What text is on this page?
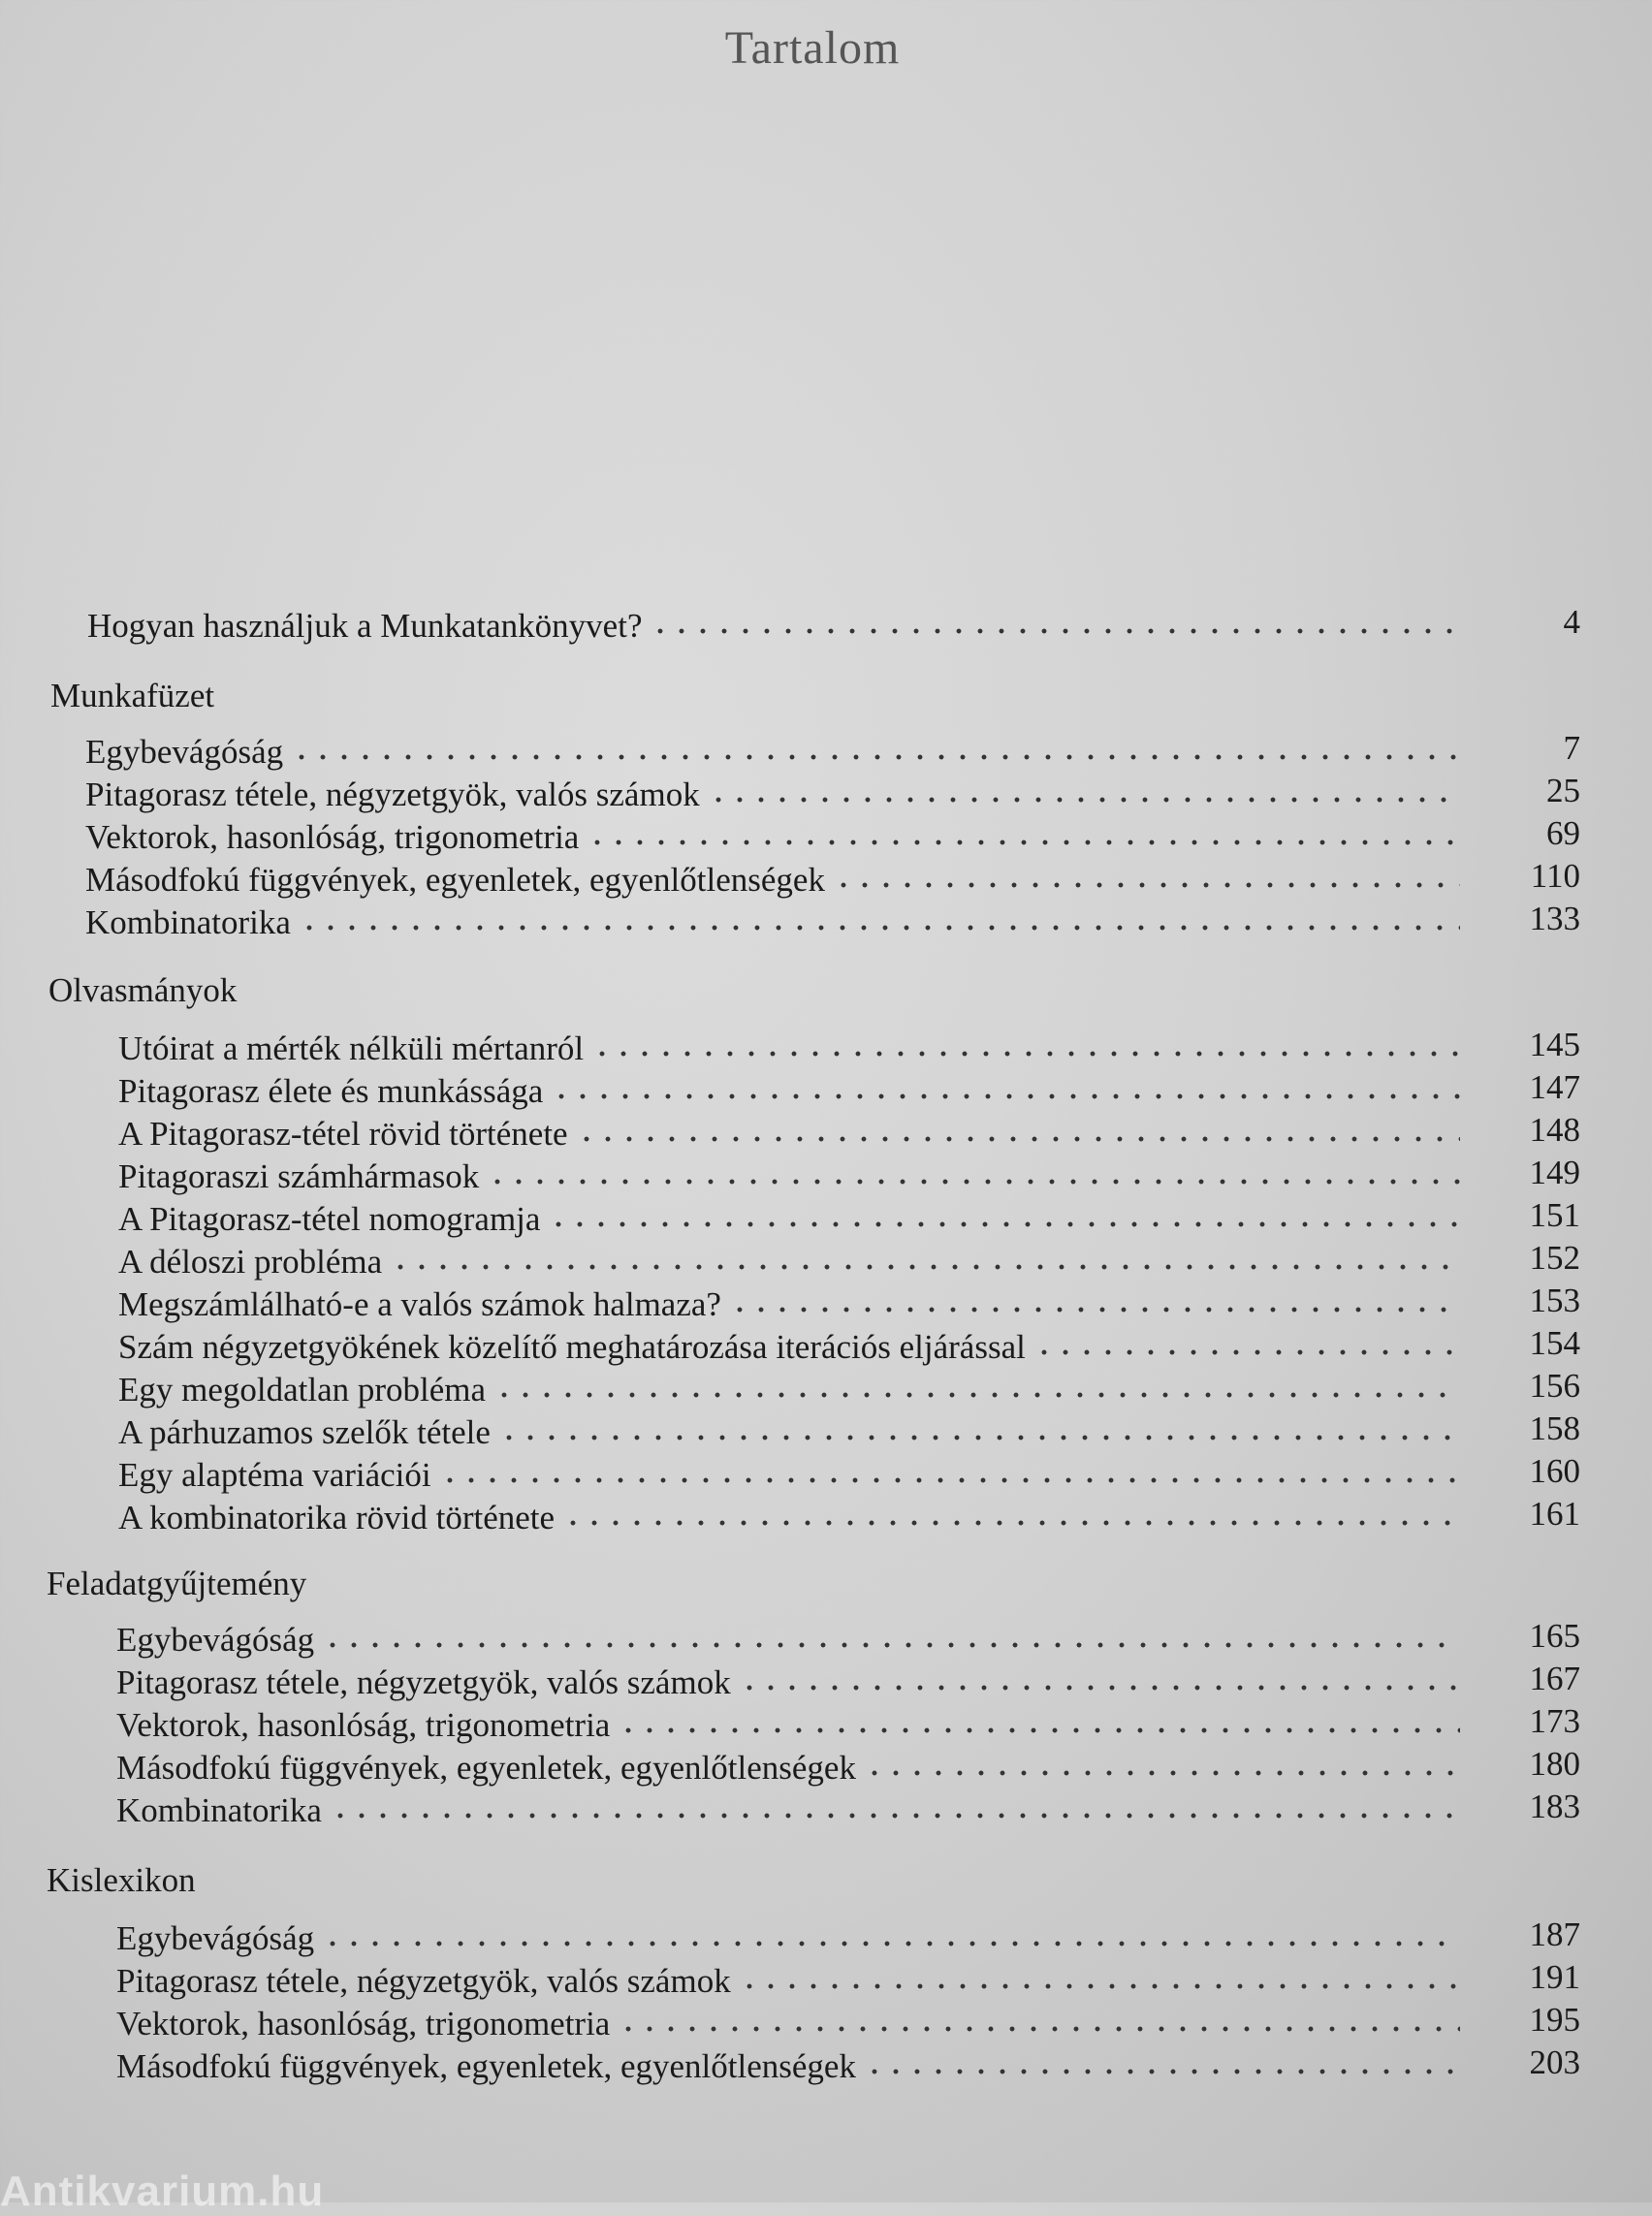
Tartalom
Hogyan használjuk a Munkatankönyvet?	4
Munkafüzet
Egybevágóság	7
Pitagorasz tétele, négyzetgyök, valós számok	25
Vektorok, hasonlóság, trigonometria	69
Másodfokú függvények, egyenletek, egyenlőtlenségek	110
Kombinatorika	133
Olvasmányok
Utóirat a mérték nélküli mértanról	145
Pitagorasz élete és munkássága	147
A Pitagorasz-tétel rövid története	148
Pitagoraszi számhármasok	149
A Pitagorasz-tétel nomogramja	151
A déloszi probléma	152
Megszámlálható-e a valós számok halmaza?	153
Szám négyzetgyökének közelítő meghatározása iterációs eljárással	154
Egy megoldatlan probléma	156
A párhuzamos szelők tétele	158
Egy alaptéma variációi	160
A kombinatorika rövid története	161
Feladatgyűjtemény
Egybevágóság	165
Pitagorasz tétele, négyzetgyök, valós számok	167
Vektorok, hasonlóság, trigonometria	173
Másodfokú függvények, egyenletek, egyenlőtlenségek	180
Kombinatorika	183
Kislexikon
Egybevágóság	187
Pitagorasz tétele, négyzetgyök, valós számok	191
Vektorok, hasonlóság, trigonometria	195
Másodfokú függvények, egyenletek, egyenlőtlenségek	203
Antikvarium.hu
